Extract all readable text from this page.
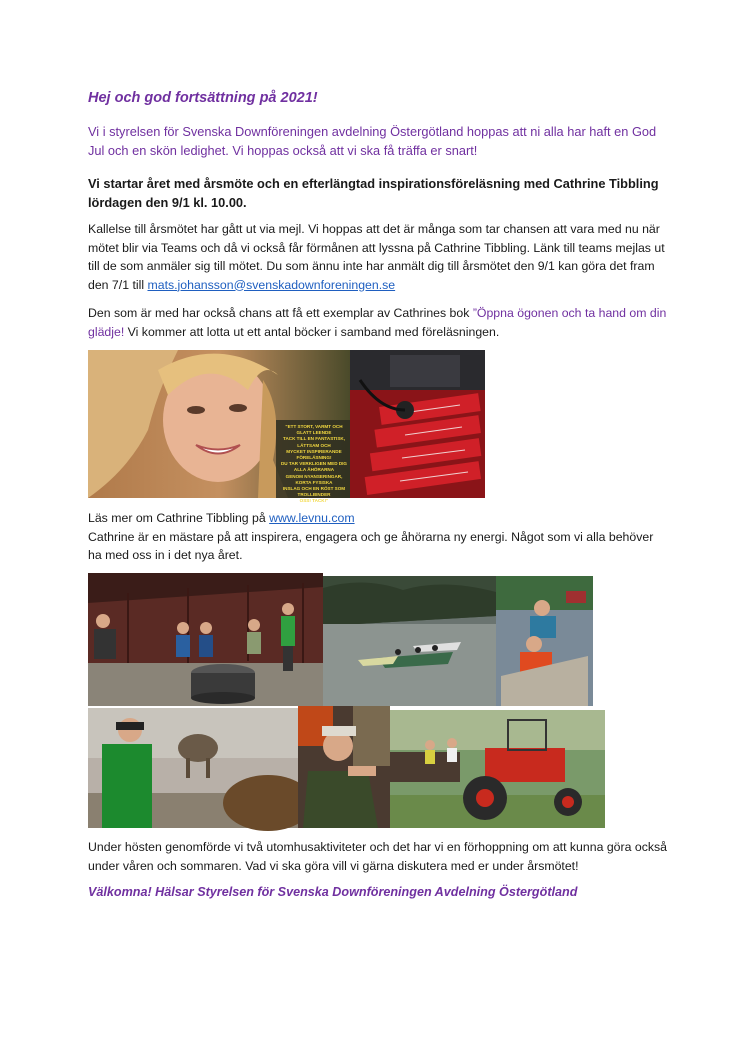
Hej och god fortsättning på 2021!
Vi i styrelsen för Svenska Downföreningen avdelning Östergötland hoppas att ni alla har haft en God Jul och en skön ledighet. Vi hoppas också att vi ska få träffa er snart!
Vi startar året med årsmöte och en efterlängtad inspirationsföreläsning med Cathrine Tibbling lördagen den 9/1 kl. 10.00.
Kallelse till årsmötet har gått ut via mejl. Vi hoppas att det är många som tar chansen att vara med nu när mötet blir via Teams och då vi också får förmånen att lyssna på Cathrine Tibbling. Länk till teams mejlas ut till de som anmäler sig till mötet. Du som ännu inte har anmält dig till årsmötet den 9/1 kan göra det fram den 7/1 till mats.johansson@svenskadownforeningen.se
Den som är med har också chans att få ett exemplar av Cathrines bok ”Öppna ögonen och ta hand om din glädje! Vi kommer att lotta ut ett antal böcker i samband med föreläsningen.
"ETT STORT, VARMT OCH GLATT LEENDE
TACK TILL EN FANTASTISK, LÄTTSAM OCH
MYCKET INSPIRERANDE FÖRELÄSNING!
DU TAR VERKLIGEN MED DIG ALLA ÅHÖRARNA
GENOM NYANSERINGAR, KORTA FYSISKA
INSLAG OCH EN RÖST SOM TROLLBINDER
OSS! TACK!"
Läs mer om Cathrine Tibbling på www.levnu.com
Cathrine är en mästare på att inspirera, engagera och ge åhörarna ny energi. Något som vi alla behöver ha med oss in i det nya året.
Under hösten genomförde vi två utomhusaktiviteter och det har vi en förhoppning om att kunna göra också under våren och sommaren. Vad vi ska göra vill vi gärna diskutera med er under årsmötet!
Välkomna! Hälsar Styrelsen för Svenska Downföreningen Avdelning Östergötland
